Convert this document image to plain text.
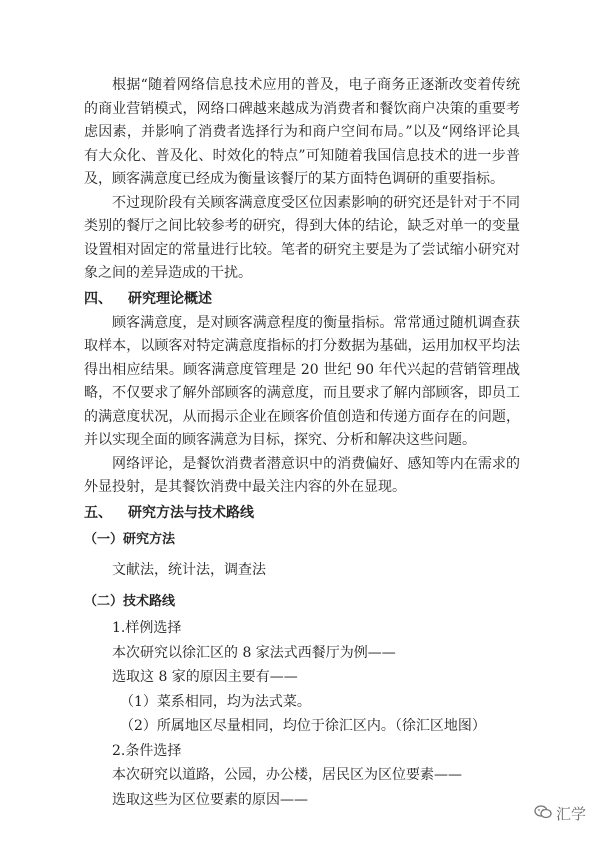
根据“随着网络信息技术应用的普及，电子商务正逐渐改变着传统的商业营销模式，网络口碑越来越成为消费者和餐饮商户决策的重要考虑因素，并影响了消费者选择行为和商户空间布局。”以及“网络评论具有大众化、普及化、时效化的特点”可知随着我国信息技术的进一步普及，顾客满意度已经成为衡量该餐厅的某方面特色调研的重要指标。

不过现阶段有关顾客满意度受区位因素影响的研究还是针对于不同类别的餐厅之间比较参考的研究，得到大体的结论，缺乏对单一的变量设置相对固定的常量进行比较。笔者的研究主要是为了尝试缩小研究对象之间的差异造成的干扰。

四、 研究理论概述

顾客满意度，是对顾客满意程度的衡量指标。常常通过随机调查获取样本，以顾客对特定满意度指标的打分数据为基础，运用加权平均法得出相应结果。顾客满意度管理是 20 世纪 90 年代兴起的营销管理战略，不仅要求了解外部顾客的满意度，而且要求了解内部顾客，即员工的满意度状况，从而揭示企业在顾客价值创造和传递方面存在的问题，并以实现全面的顾客满意为目标，探究、分析和解决这些问题。

网络评论，是餐饮消费者潜意识中的消费偏好、感知等内在需求的外显投射，是其餐饮消费中最关注内容的外在显现。

五、 研究方法与技术路线
（一）研究方法
文献法，统计法，调查法
（二）技术路线
1.样例选择
本次研究以徐汇区的 8 家法式西餐厅为例——
选取这 8 家的原因主要有——
（1）菜系相同，均为法式菜。
（2）所属地区尽量相同，均位于徐汇区内。（徐汇区地图）
2.条件选择
本次研究以道路，公园，办公楼，居民区为区位要素——
选取这些为区位要素的原因——
汇学
